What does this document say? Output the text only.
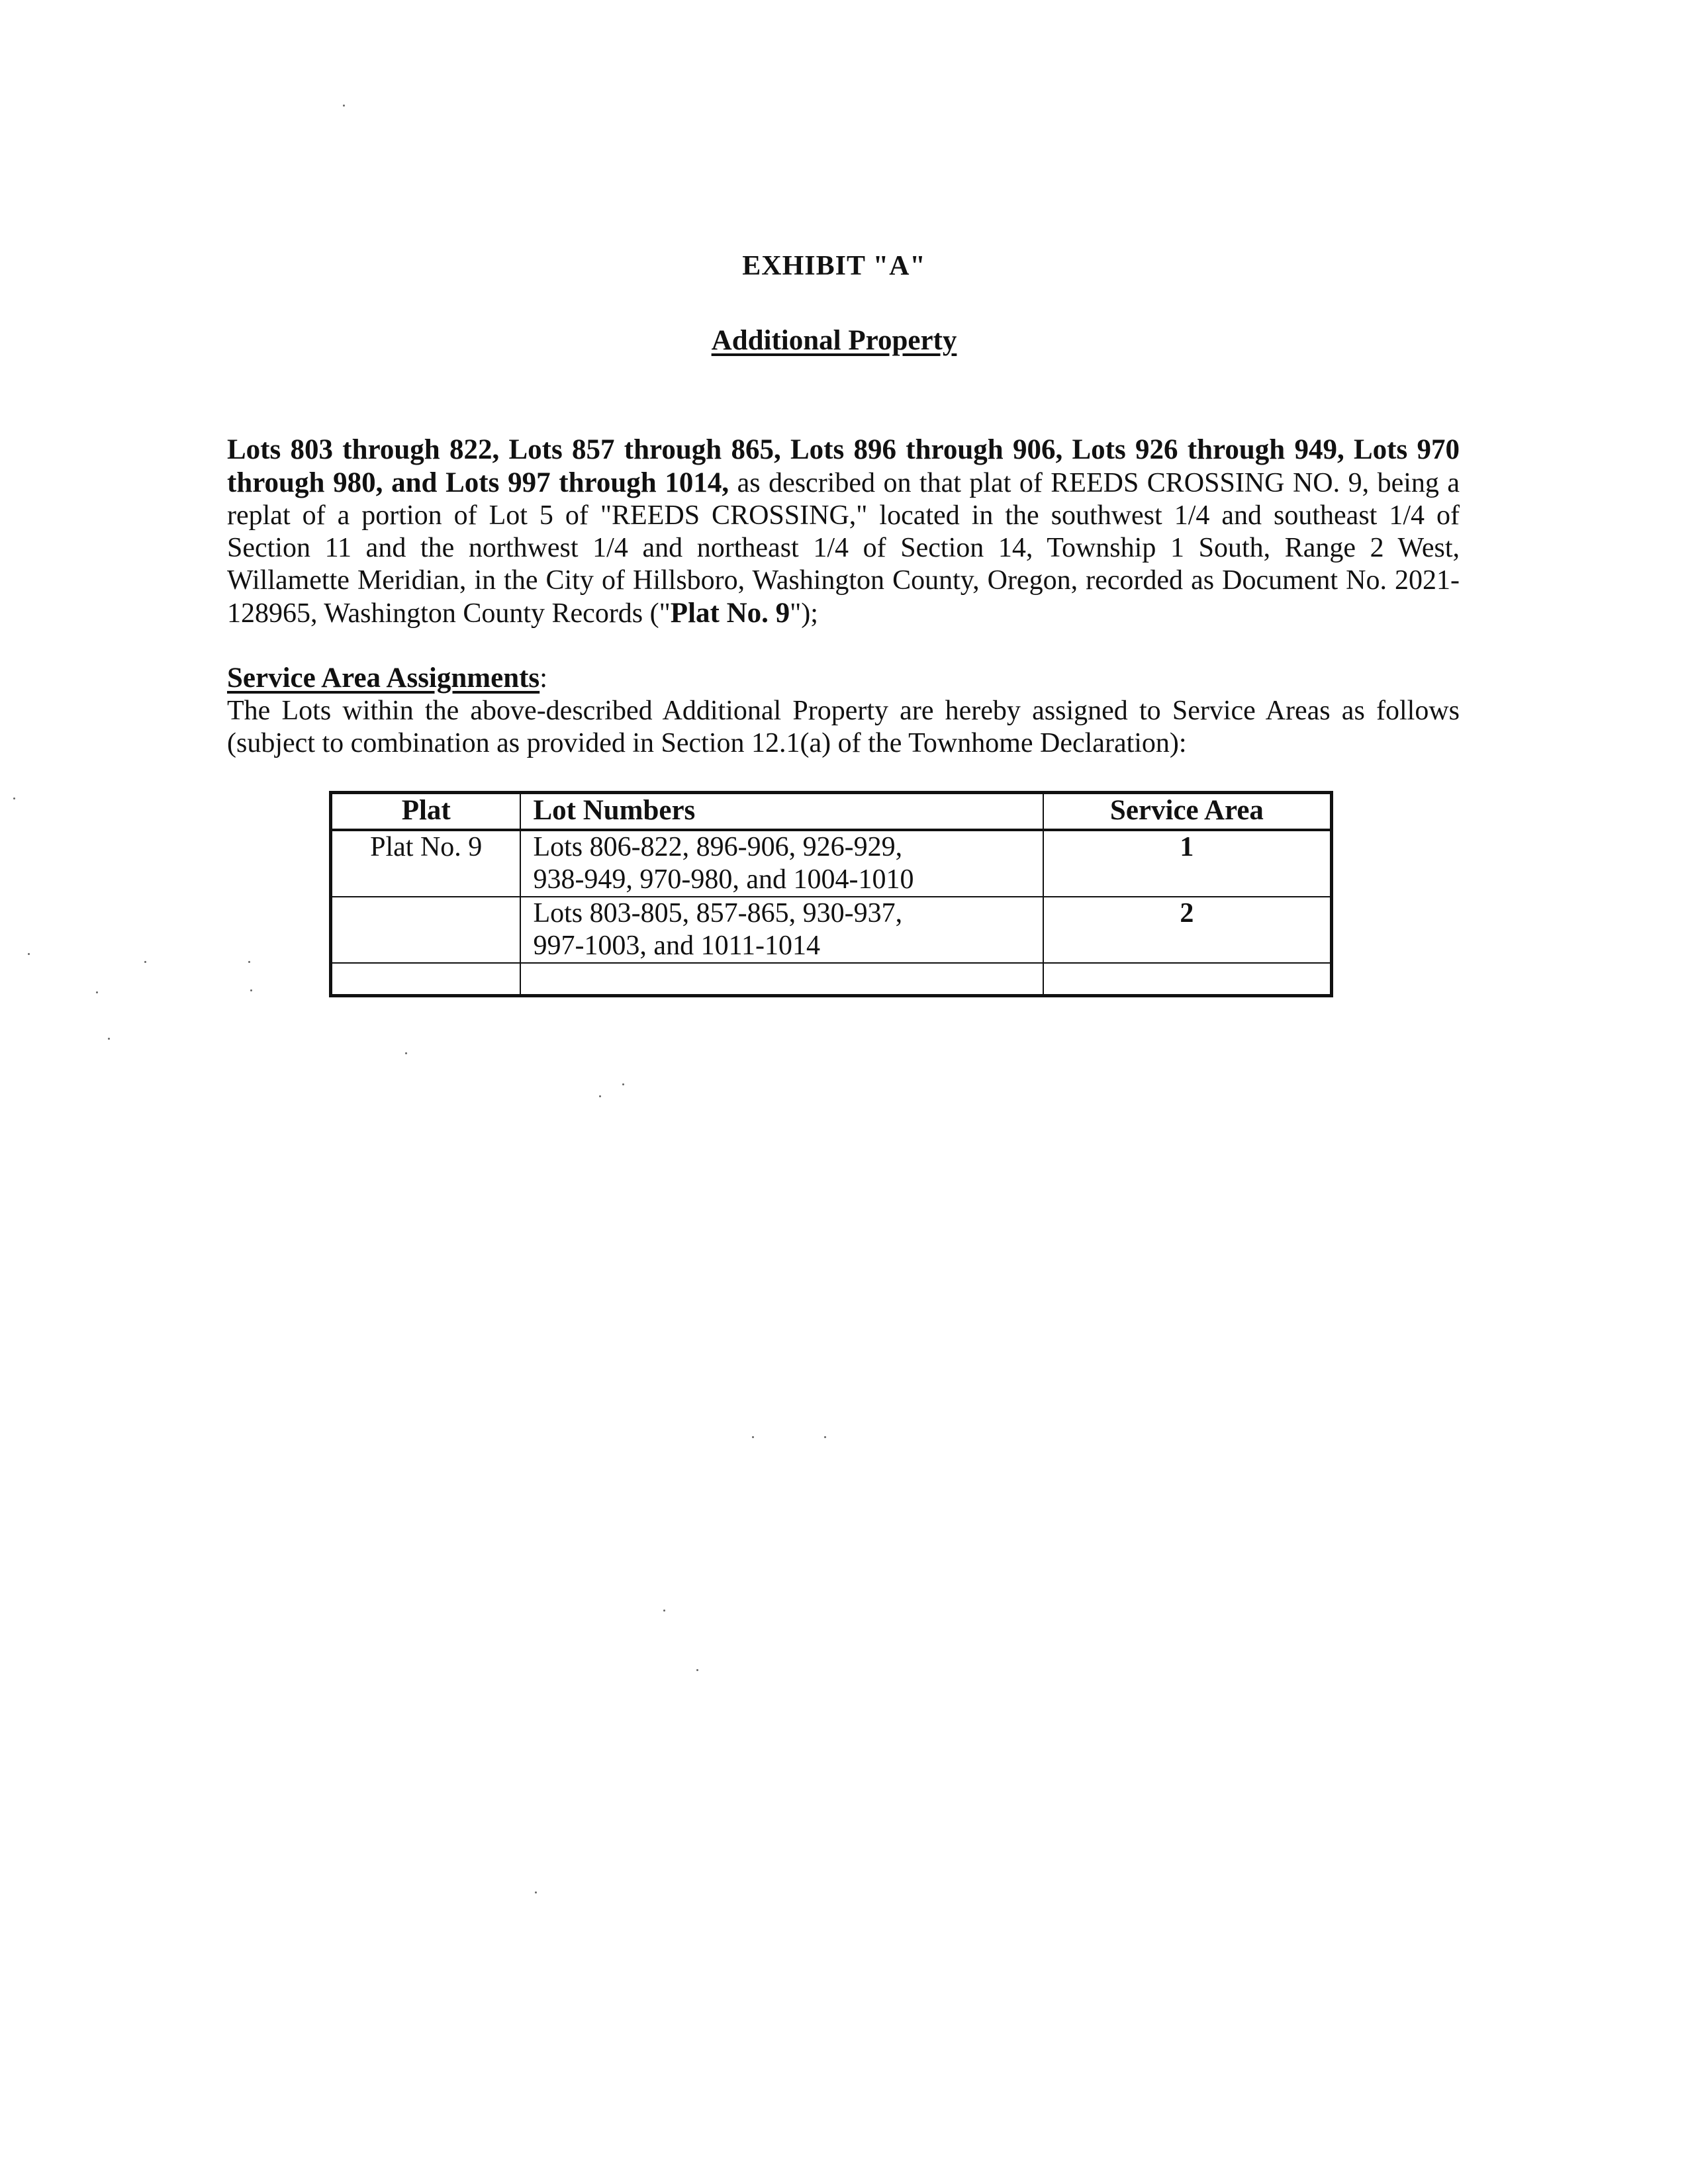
EXHIBIT "A"
Additional Property

Lots 803 through 822, Lots 857 through 865, Lots 896 through 906, Lots 926 through 949, Lots 970 through 980, and Lots 997 through 1014, as described on that plat of REEDS CROSSING NO. 9, being a replat of a portion of Lot 5 of "REEDS CROSSING," located in the southwest 1/4 and southeast 1/4 of Section 11 and the northwest 1/4 and northeast 1/4 of Section 14, Township 1 South, Range 2 West, Willamette Meridian, in the City of Hillsboro, Washington County, Oregon, recorded as Document No. 2021-128965, Washington County Records ("Plat No. 9");

Service Area Assignments:

The Lots within the above-described Additional Property are hereby assigned to Service Areas as follows (subject to combination as provided in Section 12.1(a) of the Townhome Declaration):

Plat	Lot Numbers	Service Area
Plat No. 9	Lots 806-822, 896-906, 926-929,
938-949, 970-980, and 1004-1010	1

	Lots 803-805, 857-865, 930-937,
997-1003, and 1011-1014	2
